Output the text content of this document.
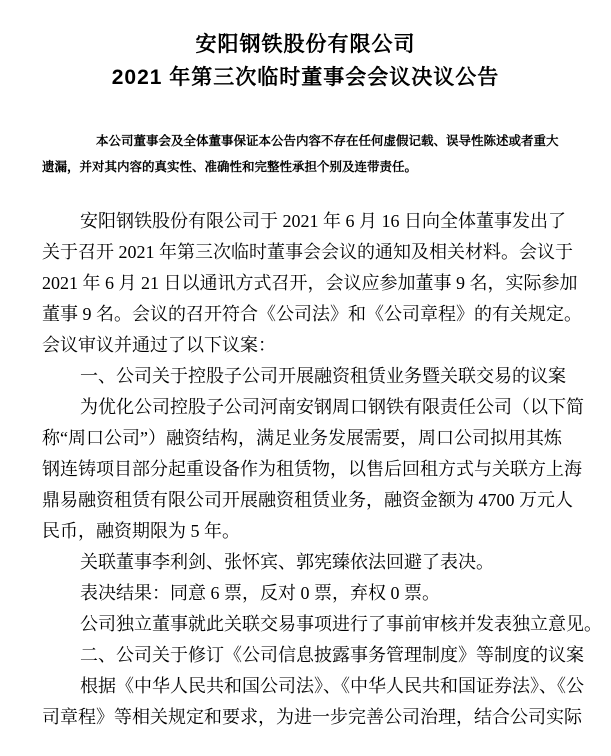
安阳钢铁股份有限公司
2021 年第三次临时董事会会议决议公告
本公司董事会及全体董事保证本公告内容不存在任何虚假记载、误导性陈述或者重大
遗漏，并对其内容的真实性、准确性和完整性承担个别及连带责任。
安阳钢铁股份有限公司于 2021 年 6 月 16 日向全体董事发出了
关于召开 2021 年第三次临时董事会会议的通知及相关材料。会议于
2021 年 6 月 21 日以通讯方式召开，会议应参加董事 9 名，实际参加
董事 9 名。会议的召开符合《公司法》和《公司章程》的有关规定。
会议审议并通过了以下议案：
一、公司关于控股子公司开展融资租赁业务暨关联交易的议案
为优化公司控股子公司河南安钢周口钢铁有限责任公司（以下简
称“周口公司”）融资结构，满足业务发展需要，周口公司拟用其炼
钢连铸项目部分起重设备作为租赁物，以售后回租方式与关联方上海
鼎易融资租赁有限公司开展融资租赁业务，融资金额为 4700 万元人
民币，融资期限为 5 年。
关联董事李利剑、张怀宾、郭宪臻依法回避了表决。
表决结果：同意 6 票，反对 0 票，弃权 0 票。
公司独立董事就此关联交易事项进行了事前审核并发表独立意见。
二、公司关于修订《公司信息披露事务管理制度》等制度的议案
根据《中华人民共和国公司法》、《中华人民共和国证券法》、《公
司章程》等相关规定和要求，为进一步完善公司治理，结合公司实际
